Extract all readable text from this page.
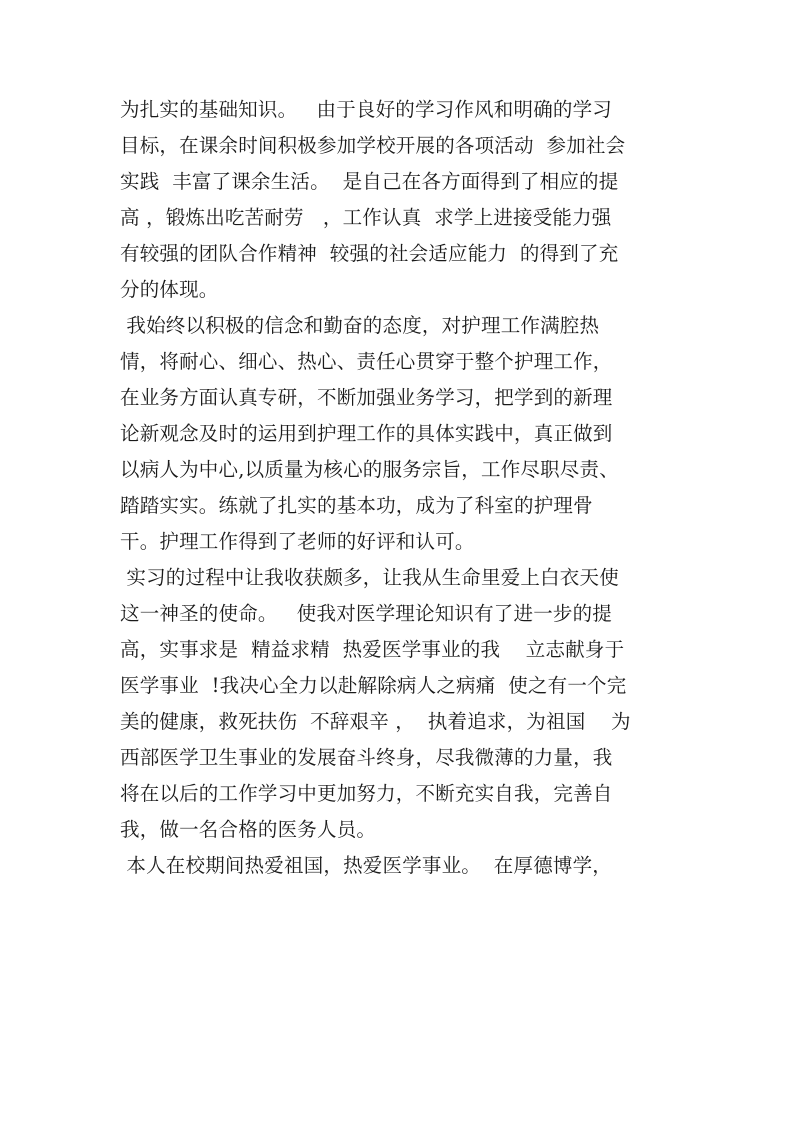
为扎实的基础知识。   由于良好的学习作风和明确的学习
目标，在课余时间积极参加学校开展的各项活动  参加社会
实践  丰富了课余生活。  是自己在各方面得到了相应的提
高 ，锻炼出吃苦耐劳   ，工作认真  求学上进接受能力强
有较强的团队合作精神  较强的社会适应能力  的得到了充
分的体现。
我始终以积极的信念和勤奋的态度，对护理工作满腔热
情，将耐心、细心、热心、责任心贯穿于整个护理工作，
在业务方面认真专研，不断加强业务学习，把学到的新理
论新观念及时的运用到护理工作的具体实践中，真正做到
以病人为中心,以质量为核心的服务宗旨，工作尽职尽责、
踏踏实实。练就了扎实的基本功，成为了科室的护理骨
干。护理工作得到了老师的好评和认可。
实习的过程中让我收获颇多，让我从生命里爱上白衣天使
这一神圣的使命。   使我对医学理论知识有了进一步的提
高，实事求是  精益求精  热爱医学事业的我    立志献身于
医学事业  !我决心全力以赴解除病人之病痛  使之有一个完
美的健康，救死扶伤  不辞艰辛 ，  执着追求，为祖国    为
西部医学卫生事业的发展奋斗终身，尽我微薄的力量，我
将在以后的工作学习中更加努力，不断充实自我，完善自
我，做一名合格的医务人员。
本人在校期间热爱祖国，热爱医学事业。  在厚德博学，
